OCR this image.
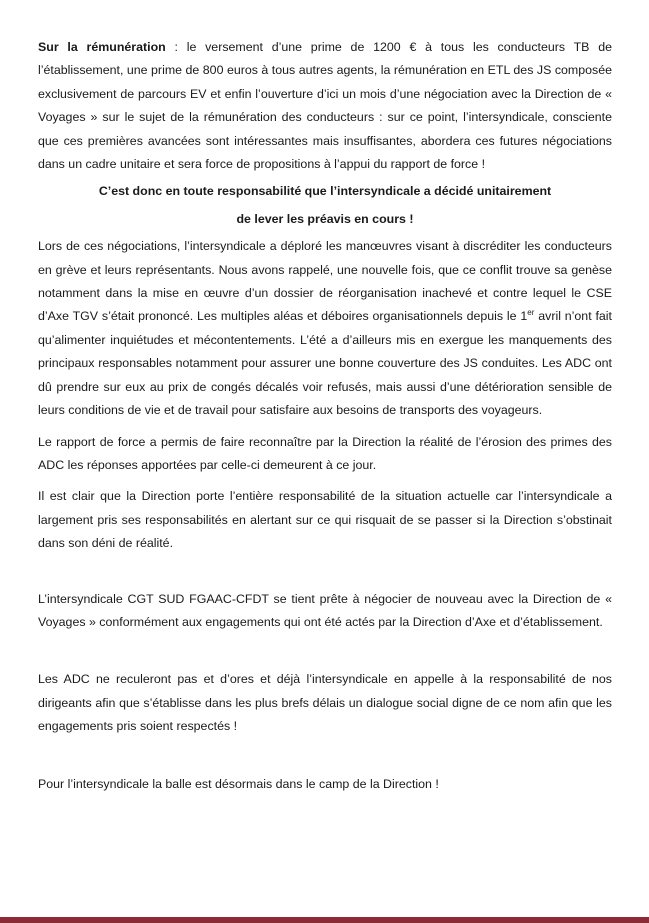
Sur la rémunération : le versement d’une prime de 1200 € à tous les conducteurs TB de l’établissement, une prime de 800 euros à tous autres agents, la rémunération en ETL des JS composée exclusivement de parcours EV et enfin l’ouverture d’ici un mois d’une négociation avec la Direction de « Voyages » sur le sujet de la rémunération des conducteurs : sur ce point, l’intersyndicale, consciente que ces premières avancées sont intéressantes mais insuffisantes, abordera ces futures négociations dans un cadre unitaire et sera force de propositions à l’appui du rapport de force !

C’est donc en toute responsabilité que l’intersyndicale a décidé unitairement

de lever les préavis en cours !

Lors de ces négociations, l’intersyndicale a déploré les manœuvres visant à discréditer les conducteurs en grève et leurs représentants. Nous avons rappelé, une nouvelle fois, que ce conflit trouve sa genèse notamment dans la mise en œuvre d’un dossier de réorganisation inachevé et contre lequel le CSE d’Axe TGV s’était prononcé. Les multiples aléas et déboires organisationnels depuis le 1er avril n’ont fait qu’alimenter inquiétudes et mécontentements. L’été a d’ailleurs mis en exergue les manquements des principaux responsables notamment pour assurer une bonne couverture des JS conduites. Les ADC ont dû prendre sur eux au prix de congés décalés voir refusés, mais aussi d’une détérioration sensible de leurs conditions de vie et de travail pour satisfaire aux besoins de transports des voyageurs.

Le rapport de force a permis de faire reconnaître par la Direction la réalité de l’érosion des primes des ADC les réponses apportées par celle-ci demeurent à ce jour.

Il est clair que la Direction porte l’entière responsabilité de la situation actuelle car l’intersyndicale a largement pris ses responsabilités en alertant sur ce qui risquait de se passer si la Direction s’obstinait dans son déni de réalité.

L’intersyndicale CGT SUD FGAAC-CFDT se tient prête à négocier de nouveau avec la Direction de « Voyages » conformément aux engagements qui ont été actés par la Direction d’Axe et d’établissement.

Les ADC ne reculeront pas et d’ores et déjà l’intersyndicale en appelle à la responsabilité de nos dirigeants afin que s’établisse dans les plus brefs délais un dialogue social digne de ce nom afin que les engagements pris soient respectés !

Pour l’intersyndicale la balle est désormais dans le camp de la Direction !
